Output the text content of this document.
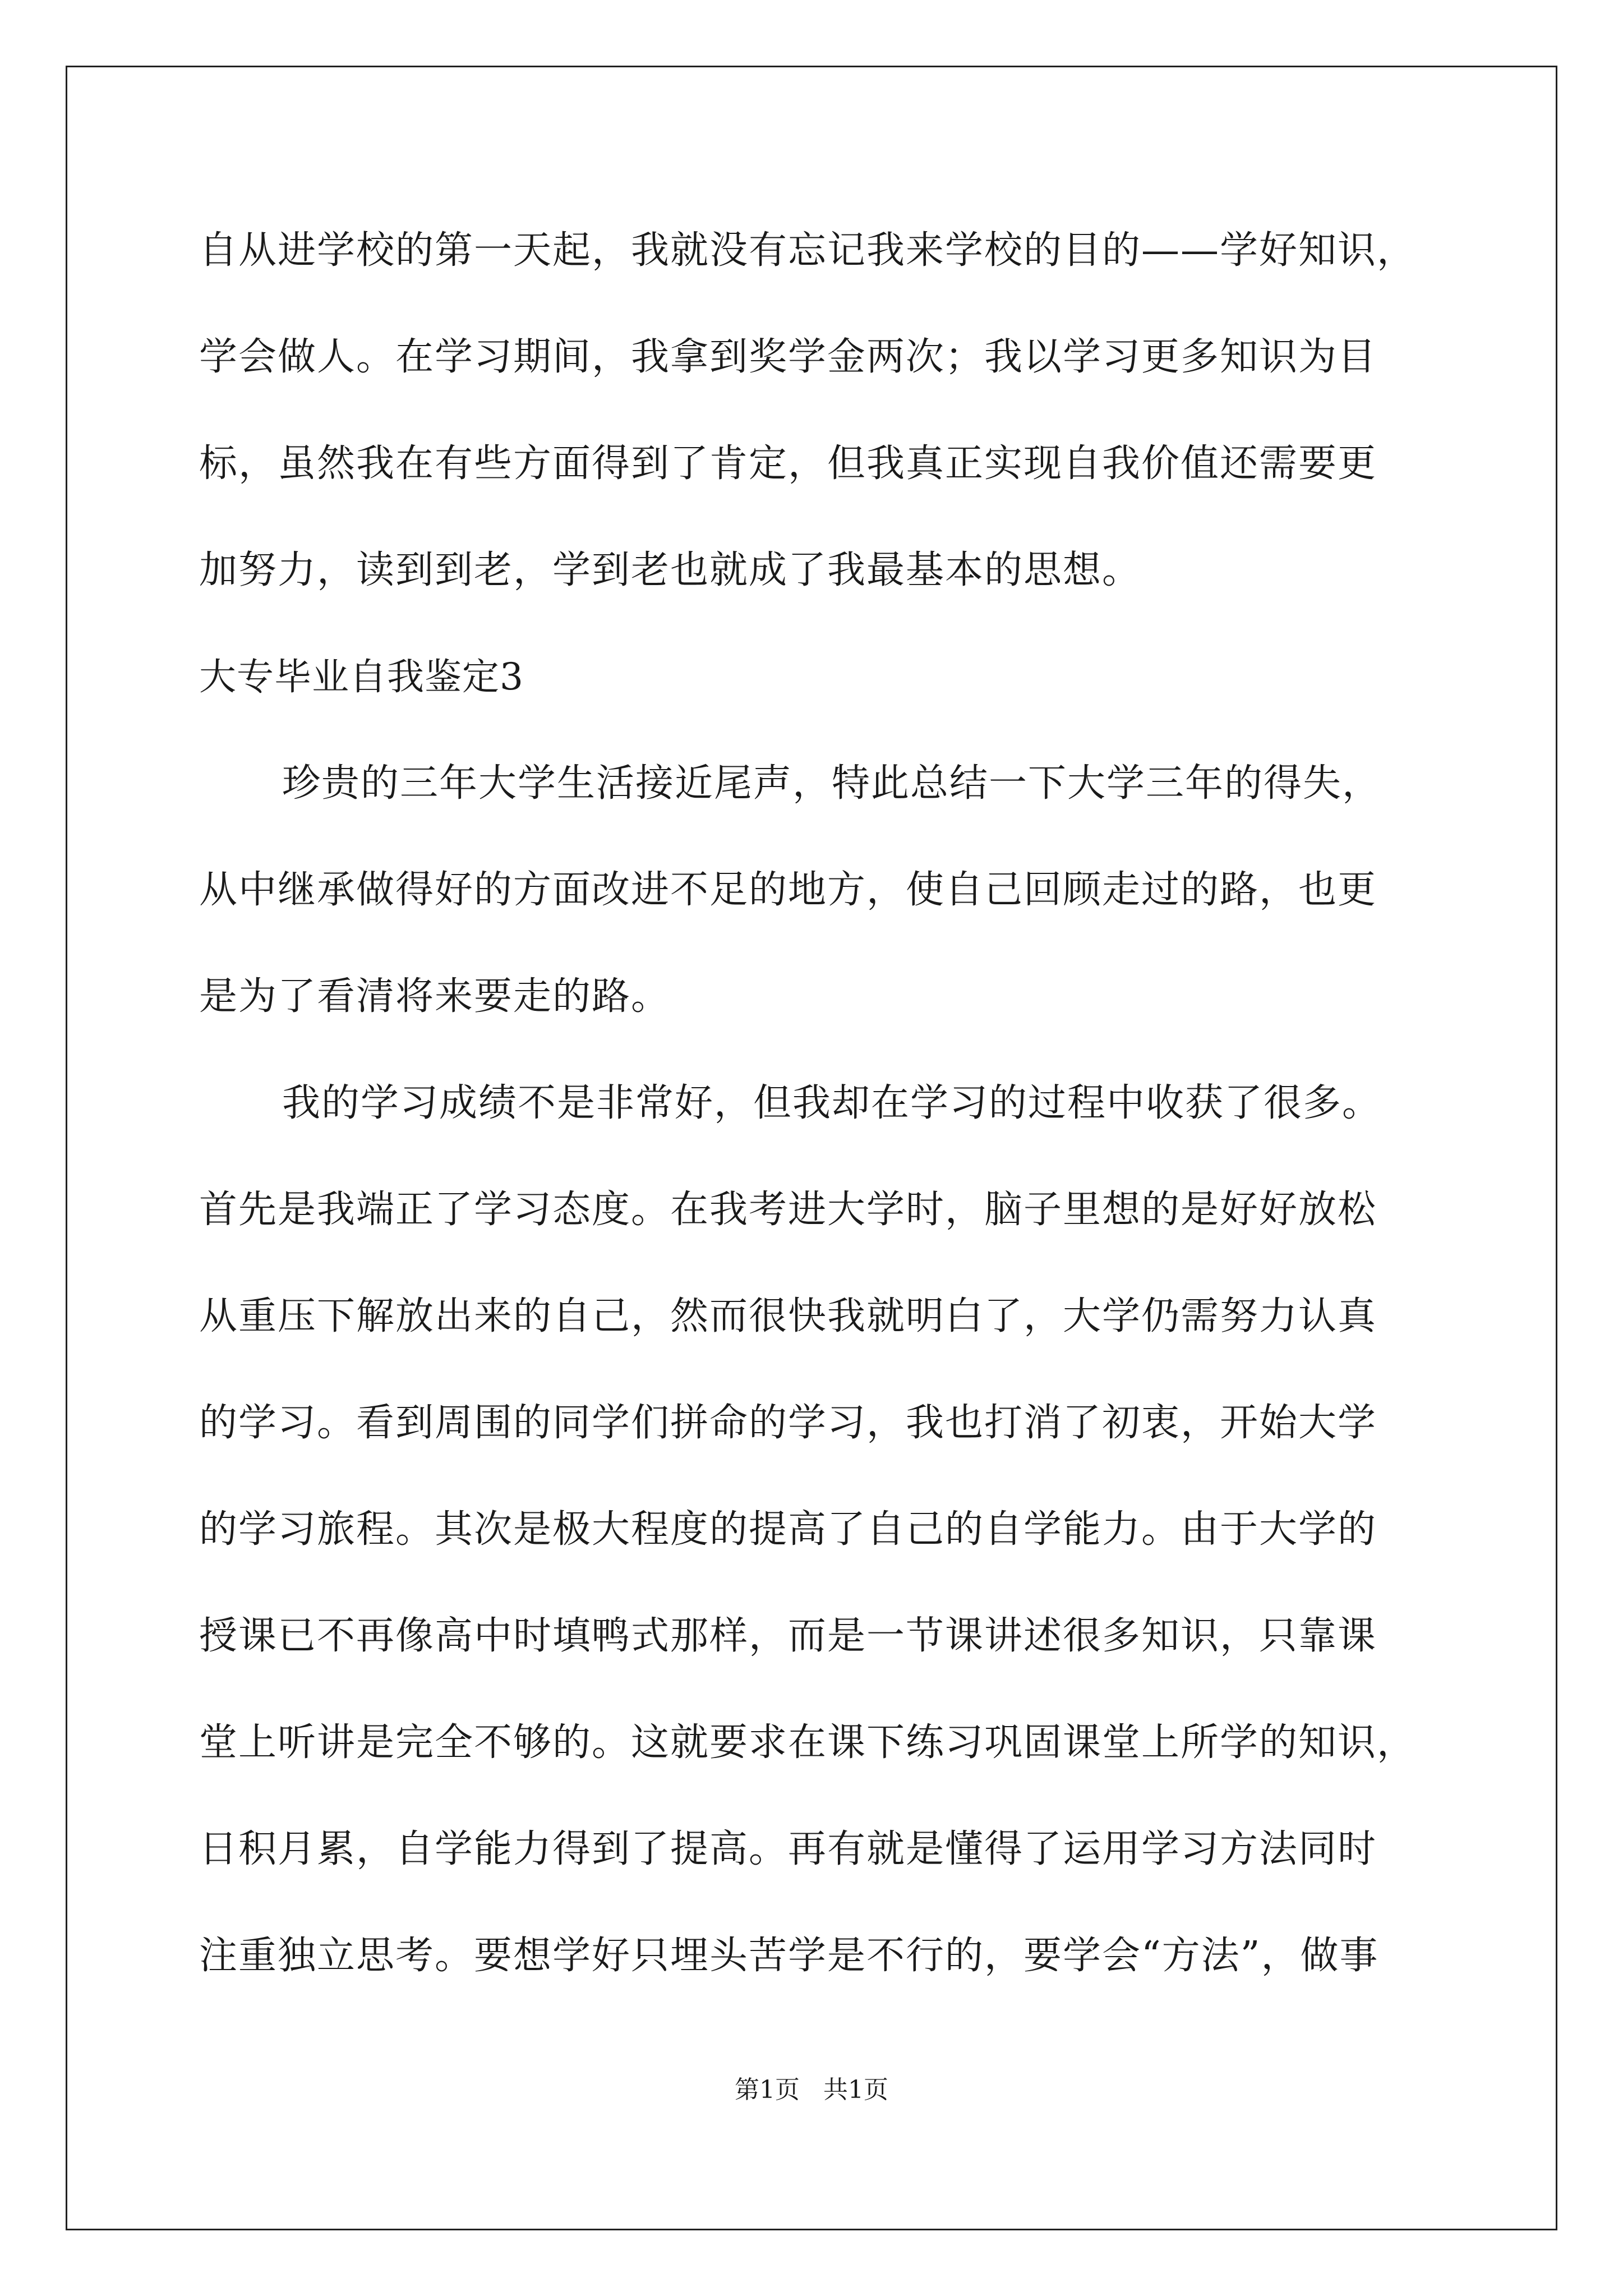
自从进学校的第一天起，我就没有忘记我来学校的目的——学好知识，
学会做人。在学习期间，我拿到奖学金两次；我以学习更多知识为目
标，虽然我在有些方面得到了肯定，但我真正实现自我价值还需要更
加努力，读到到老，学到老也就成了我最基本的思想。
大专毕业自我鉴定3
珍贵的三年大学生活接近尾声，特此总结一下大学三年的得失，
从中继承做得好的方面改进不足的地方，使自己回顾走过的路，也更
是为了看清将来要走的路。
我的学习成绩不是非常好，但我却在学习的过程中收获了很多。
首先是我端正了学习态度。在我考进大学时，脑子里想的是好好放松
从重压下解放出来的自己，然而很快我就明白了，大学仍需努力认真
的学习。看到周围的同学们拼命的学习，我也打消了初衷，开始大学
的学习旅程。其次是极大程度的提高了自己的自学能力。由于大学的
授课已不再像高中时填鸭式那样，而是一节课讲述很多知识，只靠课
堂上听讲是完全不够的。这就要求在课下练习巩固课堂上所学的知识，
日积月累，自学能力得到了提高。再有就是懂得了运用学习方法同时
注重独立思考。要想学好只埋头苦学是不行的，要学会“方法”，做事
第1页   共1页
